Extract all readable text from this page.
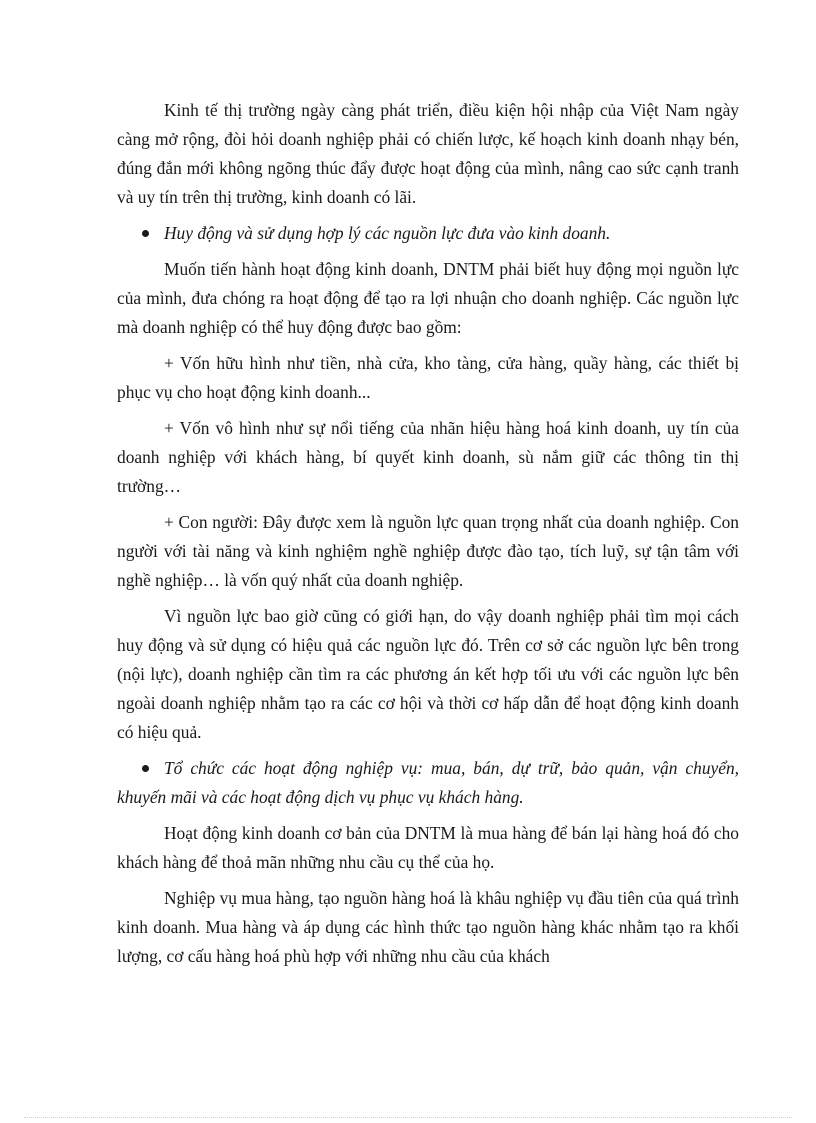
Kinh tế thị trường ngày càng phát triển, điều kiện hội nhập của Việt Nam ngày càng mở rộng, đòi hỏi doanh nghiệp phải có chiến lược, kế hoạch kinh doanh nhạy bén, đúng đắn mới không ngõng thúc đẩy được hoạt động của mình, nâng cao sức cạnh tranh và uy tín trên thị trường, kinh doanh có lãi.

Huy động và sử dụng hợp lý các nguồn lực đưa vào kinh doanh.

Muốn tiến hành hoạt động kinh doanh, DNTM phải biết huy động mọi nguồn lực của mình, đưa chóng ra hoạt động để tạo ra lợi nhuận cho doanh nghiệp. Các nguồn lực mà doanh nghiệp có thể huy động được bao gồm:

+ Vốn hữu hình như tiền, nhà cửa, kho tàng, cửa hàng, quầy hàng, các thiết bị phục vụ cho hoạt động kinh doanh...

+ Vốn vô hình như sự nổi tiếng của nhãn hiệu hàng hoá kinh doanh, uy tín của doanh nghiệp với khách hàng, bí quyết kinh doanh, sù nắm giữ các thông tin thị trường…

+ Con người: Đây được xem là nguồn lực quan trọng nhất của doanh nghiệp. Con người với tài năng và kinh nghiệm nghề nghiệp được đào tạo, tích luỹ, sự tận tâm với nghề nghiệp… là vốn quý nhất của doanh nghiệp.

Vì nguồn lực bao giờ cũng có giới hạn, do vậy doanh nghiệp phải tìm mọi cách huy động và sử dụng có hiệu quả các nguồn lực đó. Trên cơ sở các nguồn lực bên trong (nội lực), doanh nghiệp cần tìm ra các phương án kết hợp tối ưu với các nguồn lực bên ngoài doanh nghiệp nhằm tạo ra các cơ hội và thời cơ hấp dẫn để hoạt động kinh doanh có hiệu quả.

Tổ chức các hoạt động nghiệp vụ: mua, bán, dự trữ, bảo quản, vận chuyển, khuyến mãi và các hoạt động dịch vụ phục vụ khách hàng.

Hoạt động kinh doanh cơ bản của DNTM là mua hàng để bán lại hàng hoá đó cho khách hàng để thoả mãn những nhu cầu cụ thể của họ.

Nghiệp vụ mua hàng, tạo nguồn hàng hoá là khâu nghiệp vụ đầu tiên của quá trình kinh doanh. Mua hàng và áp dụng các hình thức tạo nguồn hàng khác nhằm tạo ra khối lượng, cơ cấu hàng hoá phù hợp với những nhu cầu của khách
